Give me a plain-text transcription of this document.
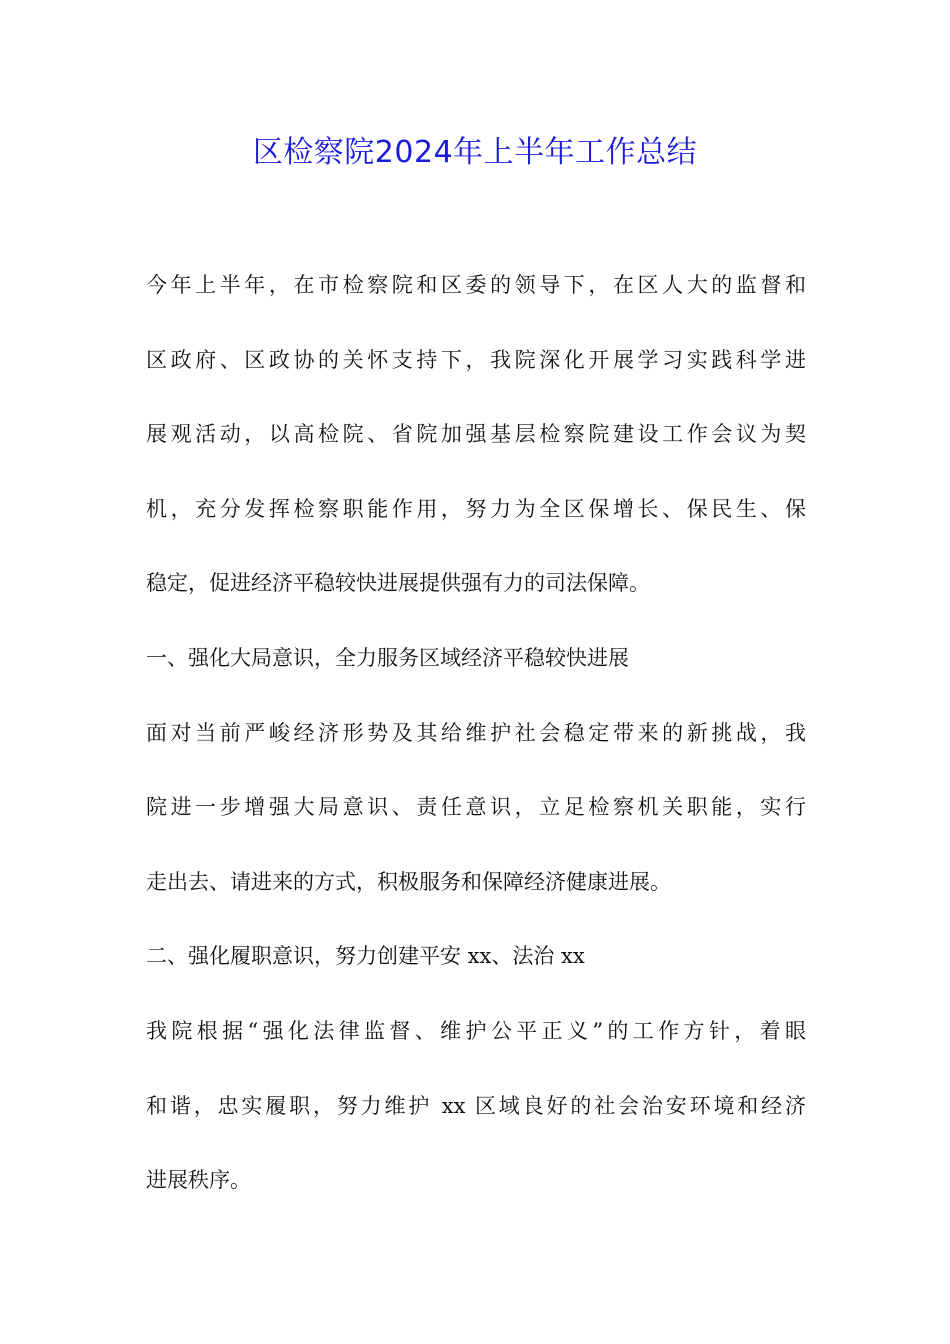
区检察院2024年上半年工作总结
今年上半年，在市检察院和区委的领导下，在区人大的监督和
区政府、区政协的关怀支持下，我院深化开展学习实践科学进
展观活动，以高检院、省院加强基层检察院建设工作会议为契
机，充分发挥检察职能作用，努力为全区保增长、保民生、保
稳定，促进经济平稳较快进展提供强有力的司法保障。
一、强化大局意识，全力服务区域经济平稳较快进展
面对当前严峻经济形势及其给维护社会稳定带来的新挑战，我
院进一步增强大局意识、责任意识，立足检察机关职能，实行
走出去、请进来的方式，积极服务和保障经济健康进展。
二、强化履职意识，努力创建平安 xx、法治 xx
我院根据“强化法律监督、维护公平正义”的工作方针，着眼
和谐，忠实履职，努力维护 xx 区域良好的社会治安环境和经济
进展秩序。
